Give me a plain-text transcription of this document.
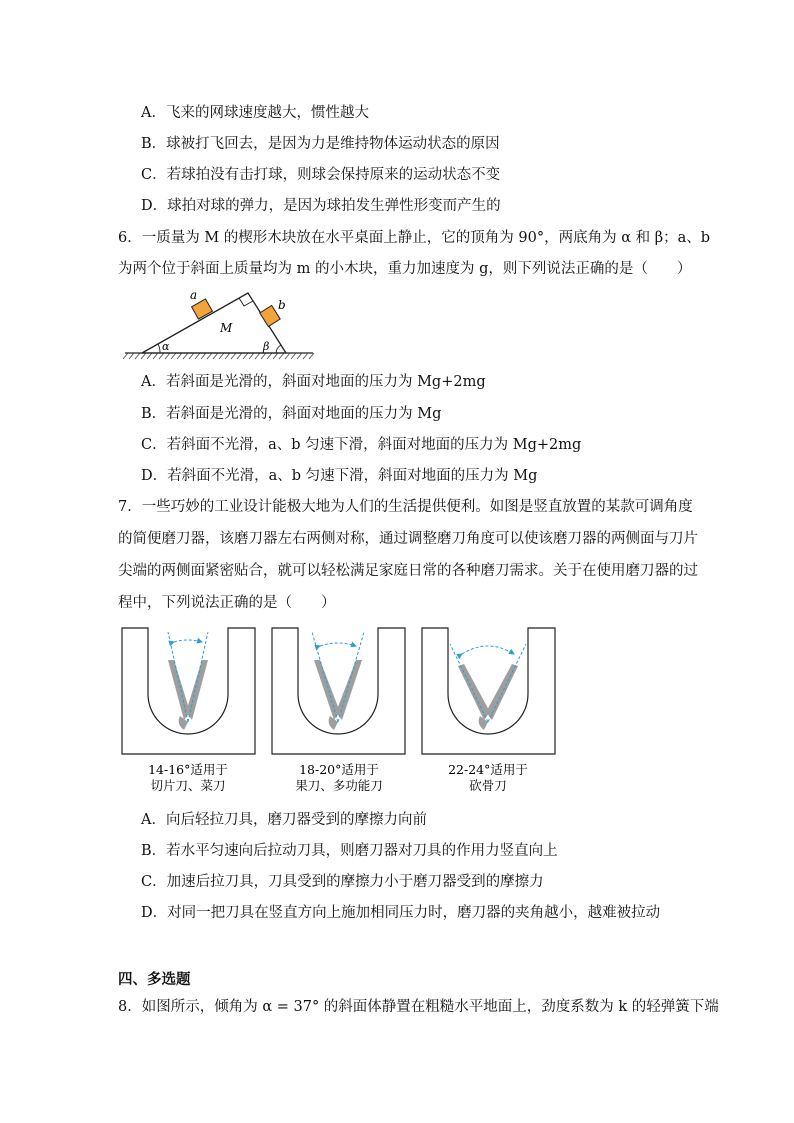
A．飞来的网球速度越大，惯性越大
B．球被打飞回去，是因为力是维持物体运动状态的原因
C．若球拍没有击打球，则球会保持原来的运动状态不变
D．球拍对球的弹力，是因为球拍发生弹性形变而产生的
6．一质量为 M 的楔形木块放在水平桌面上静止，它的顶角为 90°，两底角为 α 和 β；a、b
为两个位于斜面上质量均为 m 的小木块，重力加速度为 g，则下列说法正确的是（　　）
a
b
M
α	β
A．若斜面是光滑的，斜面对地面的压力为 Mg+2mg
B．若斜面是光滑的，斜面对地面的压力为 Mg
C．若斜面不光滑，a、b 匀速下滑，斜面对地面的压力为 Mg+2mg
D．若斜面不光滑，a、b 匀速下滑，斜面对地面的压力为 Mg
7．一些巧妙的工业设计能极大地为人们的生活提供便利。如图是竖直放置的某款可调角度
的简便磨刀器，该磨刀器左右两侧对称，通过调整磨刀角度可以使该磨刀器的两侧面与刀片
尖端的两侧面紧密贴合，就可以轻松满足家庭日常的各种磨刀需求。关于在使用磨刀器的过
程中，下列说法正确的是（　　）
14-16°适用于
切片刀、菜刀
18-20°适用于
果刀、多功能刀
22-24°适用于
砍骨刀
A．向后轻拉刀具，磨刀器受到的摩擦力向前
B．若水平匀速向后拉动刀具，则磨刀器对刀具的作用力竖直向上
C．加速后拉刀具，刀具受到的摩擦力小于磨刀器受到的摩擦力
D．对同一把刀具在竖直方向上施加相同压力时，磨刀器的夹角越小，越难被拉动
四、多选题
8．如图所示，倾角为 α = 37° 的斜面体静置在粗糙水平地面上，劲度系数为 k 的轻弹簧下端
